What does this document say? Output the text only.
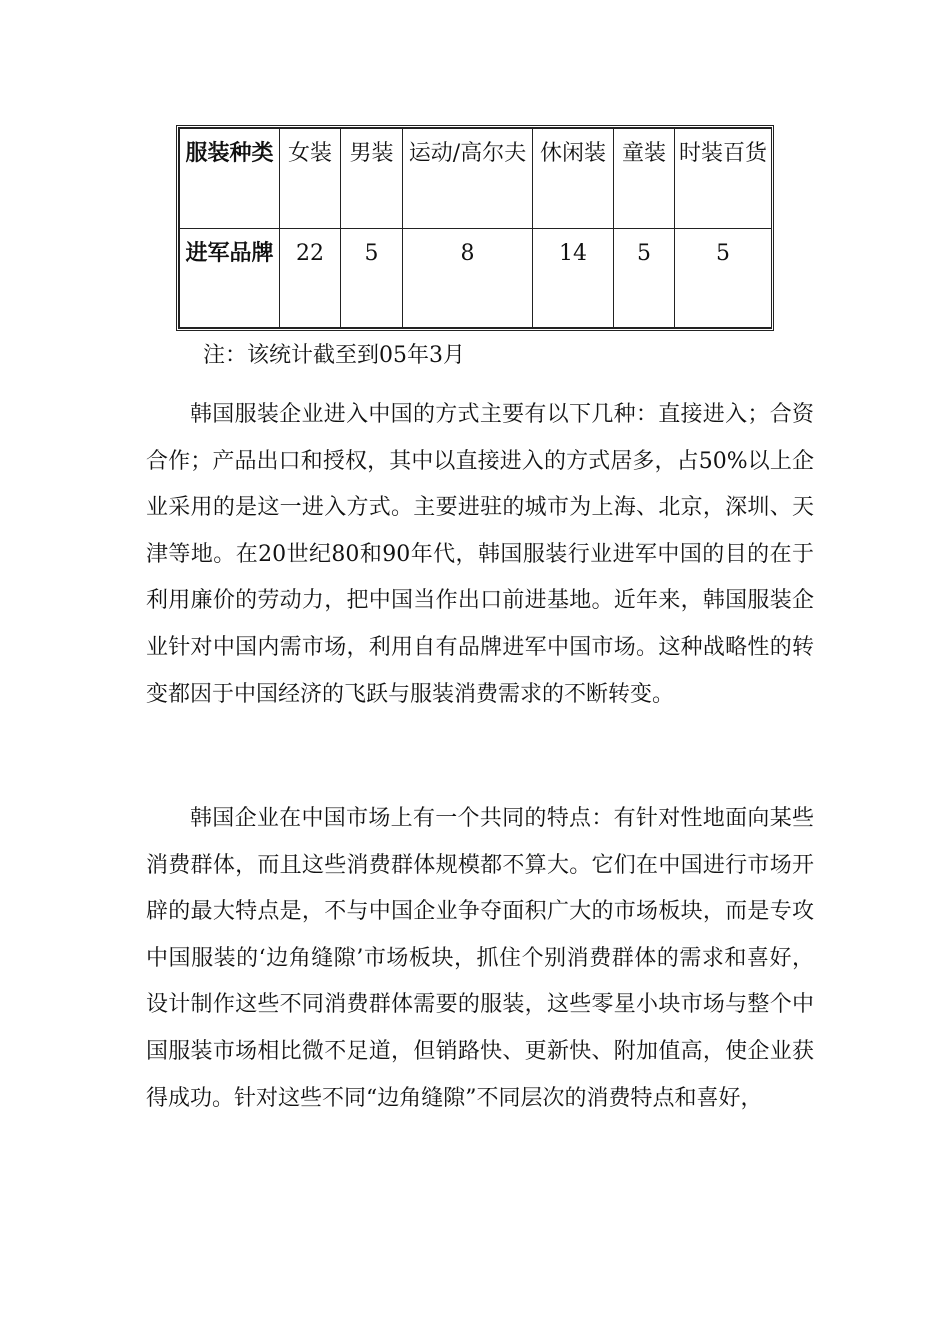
服装种类	女装	男装	运动/高尔夫	休闲装	童装	时装百货
进军品牌	22	5	8	14	5	5
注：该统计截至到05年3月

韩国服装企业进入中国的方式主要有以下几种：直接进入；合资合作；产品出口和授权，其中以直接进入的方式居多，占50%以上企业采用的是这一进入方式。主要进驻的城市为上海、北京，深圳、天津等地。在20世纪80和90年代，韩国服装行业进军中国的目的在于利用廉价的劳动力，把中国当作出口前进基地。近年来，韩国服装企业针对中国内需市场，利用自有品牌进军中国市场。这种战略性的转变都因于中国经济的飞跃与服装消费需求的不断转变。

韩国企业在中国市场上有一个共同的特点：有针对性地面向某些消费群体，而且这些消费群体规模都不算大。它们在中国进行市场开辟的最大特点是，不与中国企业争夺面积广大的市场板块，而是专攻中国服装的‘边角缝隙’市场板块，抓住个别消费群体的需求和喜好，设计制作这些不同消费群体需要的服装，这些零星小块市场与整个中国服装市场相比微不足道，但销路快、更新快、附加值高，使企业获得成功。针对这些不同“边角缝隙”不同层次的消费特点和喜好，
